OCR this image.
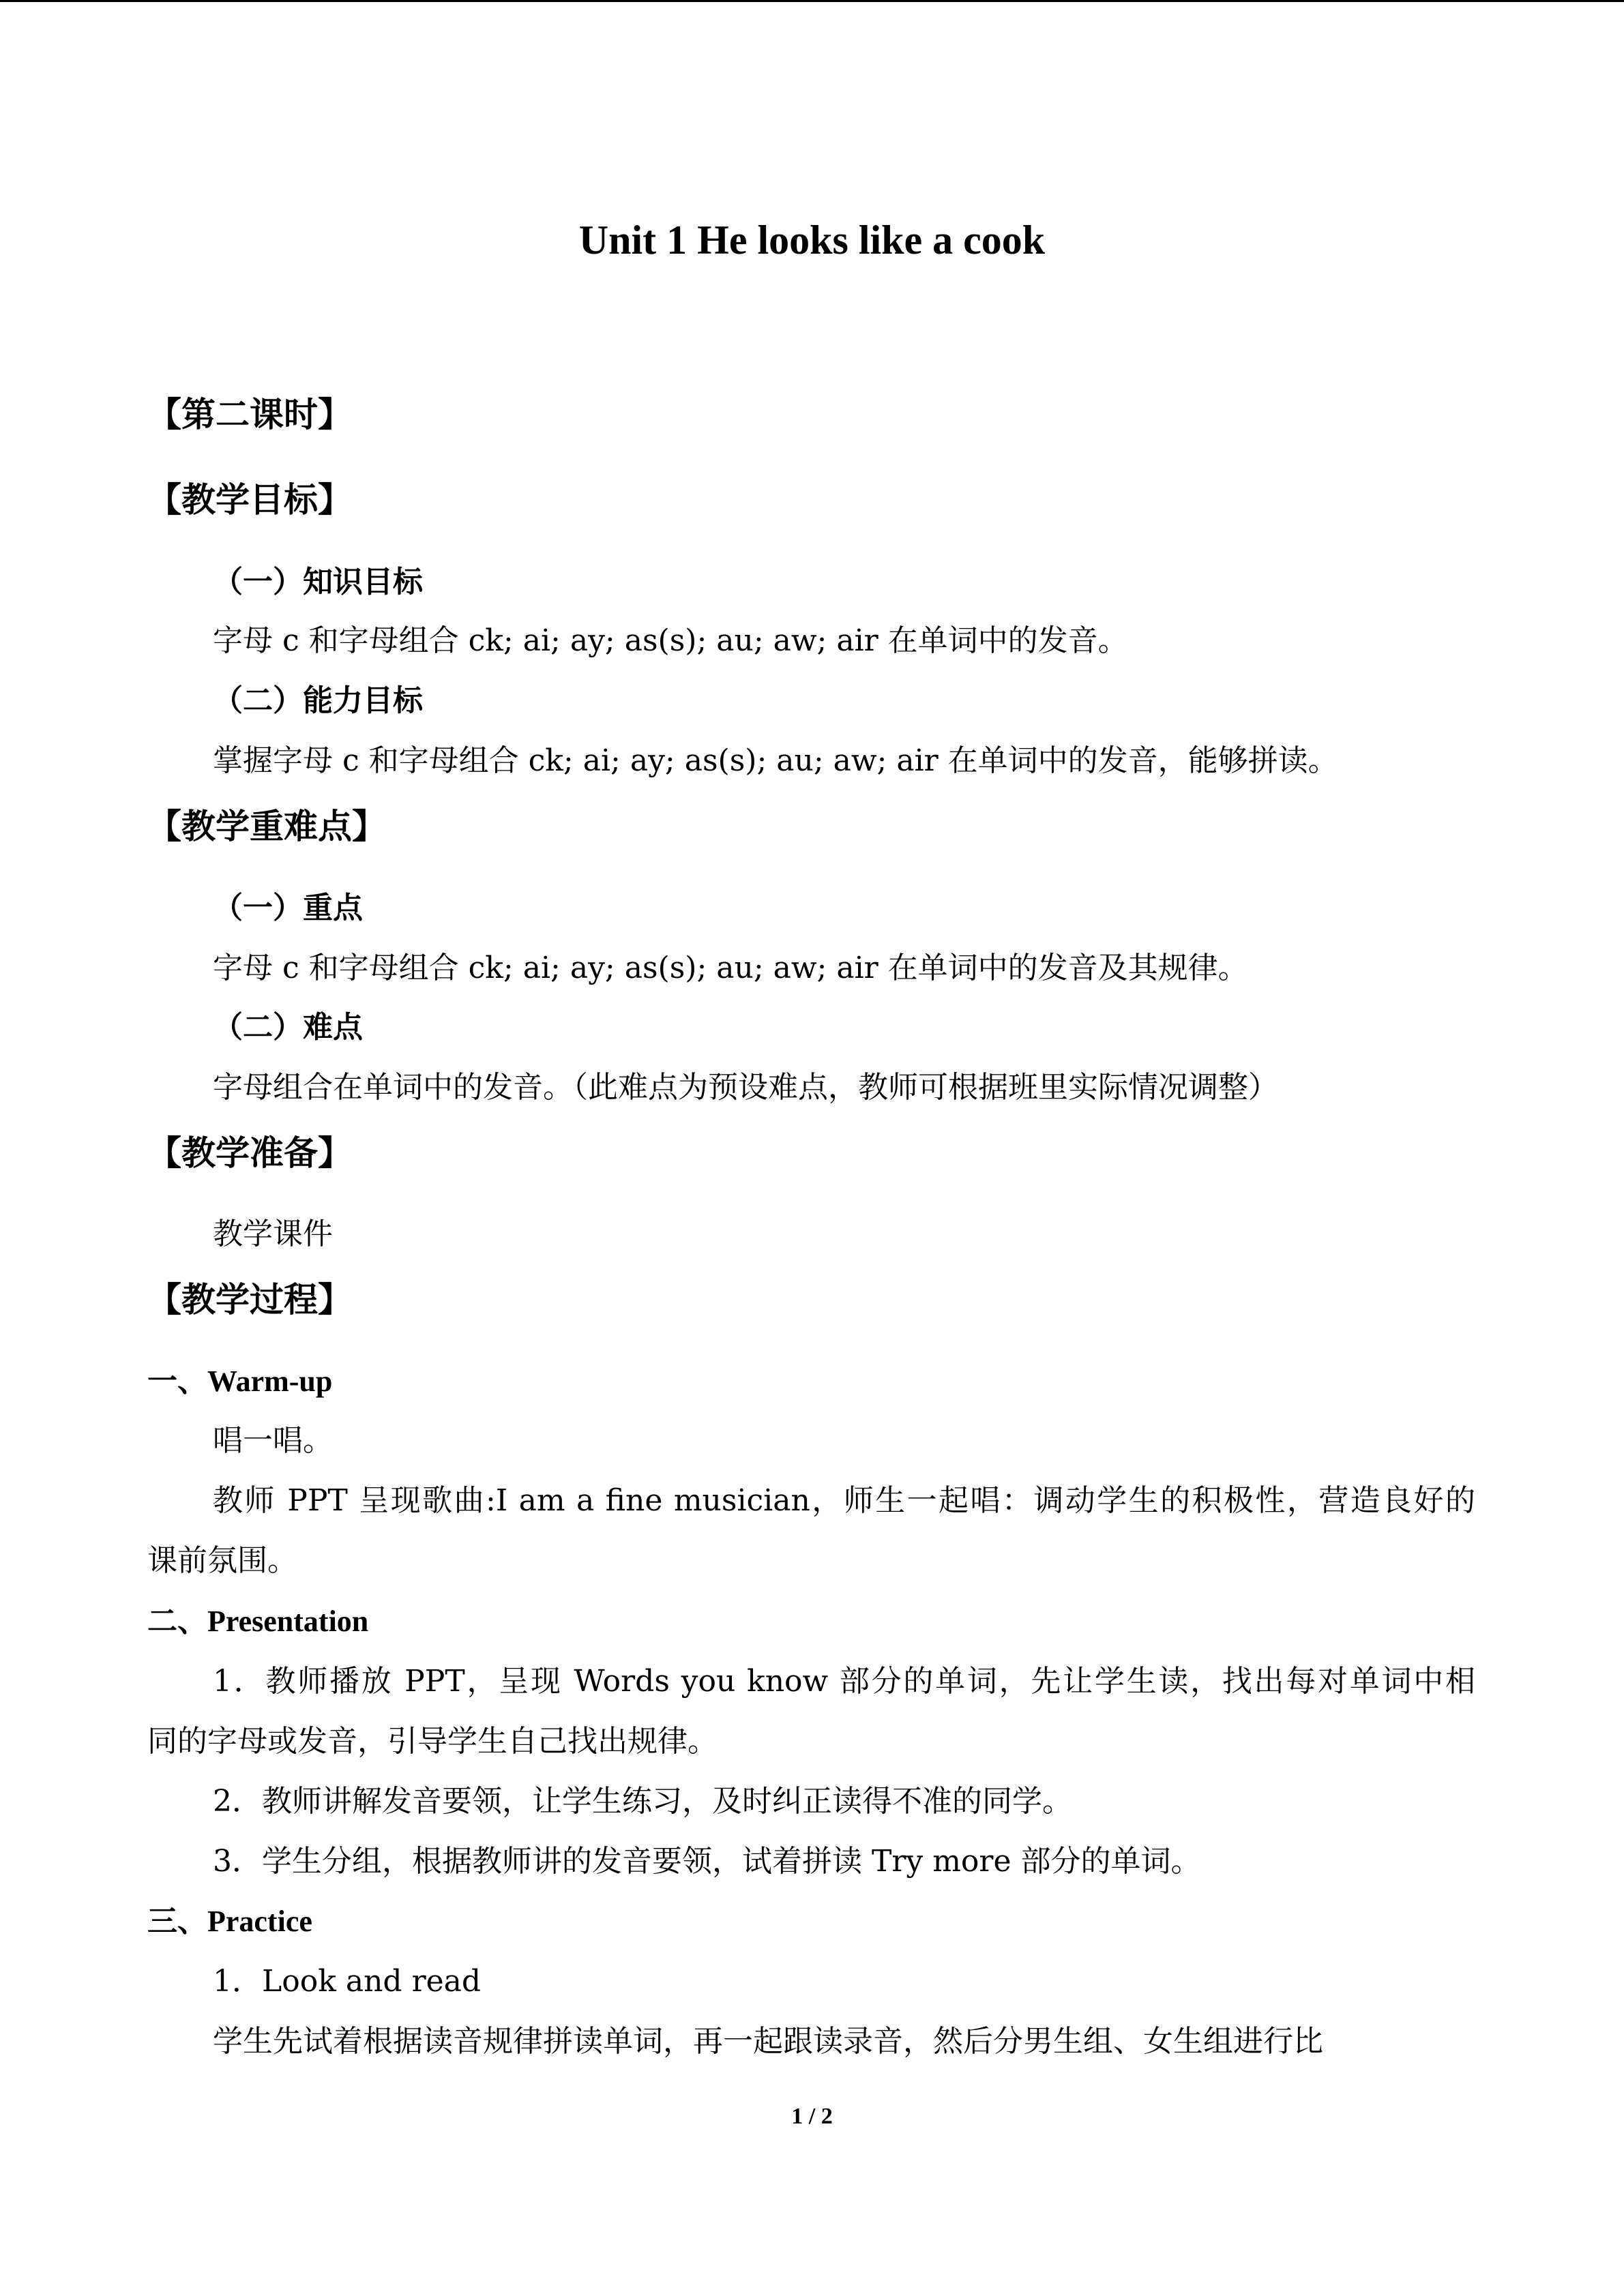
Unit 1 He looks like a cook
【第二课时】
【教学目标】
（一）知识目标
字母 c 和字母组合 ck; ai; ay; as(s); au; aw; air 在单词中的发音。
（二）能力目标
掌握字母 c 和字母组合 ck; ai; ay; as(s); au; aw; air 在单词中的发音，能够拼读。
【教学重难点】
（一）重点
字母 c 和字母组合 ck; ai; ay; as(s); au; aw; air 在单词中的发音及其规律。
（二）难点
字母组合在单词中的发音。（此难点为预设难点，教师可根据班里实际情况调整）
【教学准备】
教学课件
【教学过程】
一、Warm-up
唱一唱。
教师 PPT 呈现歌曲:I am a fine musician，师生一起唱：调动学生的积极性，营造良好的
课前氛围。
二、Presentation
1．教师播放 PPT，呈现 Words you know 部分的单词，先让学生读，找出每对单词中相
同的字母或发音，引导学生自己找出规律。
2．教师讲解发音要领，让学生练习，及时纠正读得不准的同学。
3．学生分组，根据教师讲的发音要领，试着拼读 Try more 部分的单词。
三、Practice
1．Look and read
学生先试着根据读音规律拼读单词，再一起跟读录音，然后分男生组、女生组进行比
1 / 2
